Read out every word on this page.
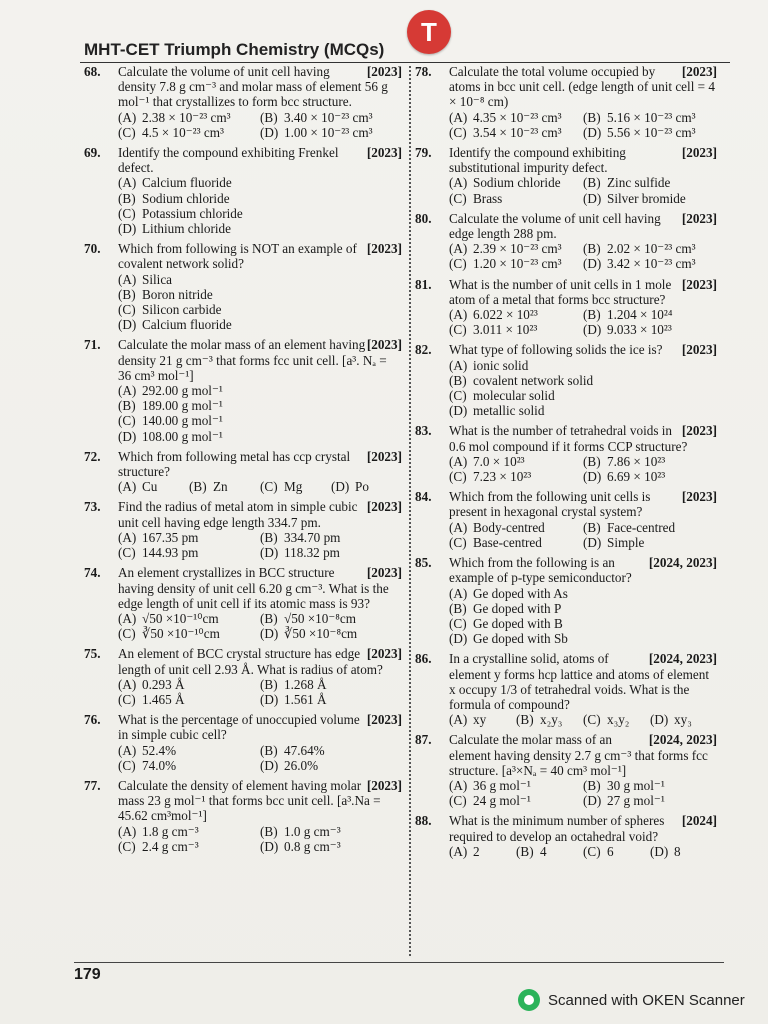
MHT-CET Triumph Chemistry (MCQs)
T
68.	[2023]
Calculate the volume of unit cell having density 7.8 g cm⁻³ and molar mass of element 56 g mol⁻¹ that crystallizes to form bcc structure.
(A) 2.38 × 10⁻²³ cm³ (B) 3.40 × 10⁻²³ cm³
(C) 4.5 × 10⁻²³ cm³	(D) 1.00 × 10⁻²³ cm³
69.	[2023]
Identify the compound exhibiting Frenkel defect.
(A) Calcium fluoride
(B) Sodium chloride
(C) Potassium chloride
(D) Lithium chloride
70.	[2023]
Which from following is NOT an example of covalent network solid?
(A) Silica
(B) Boron nitride
(C) Silicon carbide
(D) Calcium fluoride
71.	[2023]
Calculate the molar mass of an element having density 21 g cm⁻³ that forms fcc unit cell. [a³. Nₐ = 36 cm³ mol⁻¹]
(A) 292.00 g mol⁻¹
(B) 189.00 g mol⁻¹
(C) 140.00 g mol⁻¹
(D) 108.00 g mol⁻¹
72.	[2023]
Which from following metal has ccp crystal structure?
(A) Cu (B) Zn (C) Mg (D) Po
73.	[2023]
Find the radius of metal atom in simple cubic unit cell having edge length 334.7 pm.
(A) 167.35 pm	(B) 334.70 pm
(C) 144.93 pm	(D) 118.32 pm
74.	[2023]
An element crystallizes in BCC structure having density of unit cell 6.20 g cm⁻³. What is the edge length of unit cell if its atomic mass is 93?
(A) √50 ×10⁻¹⁰cm	(B) √50 ×10⁻⁸cm
(C) ∛50 ×10⁻¹⁰cm	(D) ∛50 ×10⁻⁸cm
75.	[2023]
An element of BCC crystal structure has edge length of unit cell 2.93 Å. What is radius of atom?
(A) 0.293 Å	(B) 1.268 Å
(C) 1.465 Å	(D) 1.561 Å
76.	[2023]
What is the percentage of unoccupied volume in simple cubic cell?
(A) 52.4%	(B) 47.64%
(C) 74.0%	(D) 26.0%
77.	[2023]
Calculate the density of element having molar mass 23 g mol⁻¹ that forms bcc unit cell. [a³.Na = 45.62 cm³mol⁻¹]
(A) 1.8 g cm⁻³	(B) 1.0 g cm⁻³
(C) 2.4 g cm⁻³	(D) 0.8 g cm⁻³
78.	[2023]
Calculate the total volume occupied by atoms in bcc unit cell. (edge length of unit cell = 4 × 10⁻⁸ cm)
(A) 4.35 × 10⁻²³ cm³ (B) 5.16 × 10⁻²³ cm³
(C) 3.54 × 10⁻²³ cm³ (D) 5.56 × 10⁻²³ cm³
79.	[2023]
Identify the compound exhibiting substitutional impurity defect.
(A) Sodium chloride (B) Zinc sulfide
(C) Brass	(D) Silver bromide
80.	[2023]
Calculate the volume of unit cell having edge length 288 pm.
(A) 2.39 × 10⁻²³ cm³ (B) 2.02 × 10⁻²³ cm³
(C) 1.20 × 10⁻²³ cm³ (D) 3.42 × 10⁻²³ cm³
81.	[2023]
What is the number of unit cells in 1 mole atom of a metal that forms bcc structure?
(A) 6.022 × 10²³	(B) 1.204 × 10²⁴
(C) 3.011 × 10²³	(D) 9.033 × 10²³
82.	[2023]
What type of following solids the ice is?
(A) ionic solid
(B) covalent network solid
(C) molecular solid
(D) metallic solid
83.	[2023]
What is the number of tetrahedral voids in 0.6 mol compound if it forms CCP structure?
(A) 7.0 × 10²³	(B) 7.86 × 10²³
(C) 7.23 × 10²³	(D) 6.69 × 10²³
84.	[2023]
Which from the following unit cells is present in hexagonal crystal system?
(A) Body-centred	(B) Face-centred
(C) Base-centred	(D) Simple
85.	[2024, 2023]
Which from the following is an example of p-type semiconductor?
(A) Ge doped with As
(B) Ge doped with P
(C) Ge doped with B
(D) Ge doped with Sb
86.	[2024, 2023]
In a crystalline solid, atoms of element y forms hcp lattice and atoms of element x occupy 1/3 of tetrahedral voids. What is the formula of compound?
(A) xy (B) x₂y₃ (C) x₃y₂ (D) xy₃
87.	[2024, 2023]
Calculate the molar mass of an element having density 2.7 g cm⁻³ that forms fcc structure. [a³×Nₐ = 40 cm³ mol⁻¹]
(A) 36 g mol⁻¹	(B) 30 g mol⁻¹
(C) 24 g mol⁻¹	(D) 27 g mol⁻¹
88.	[2024]
What is the minimum number of spheres required to develop an octahedral void?
(A) 2	(B) 4	(C) 6	(D) 8
179
Scanned with OKEN Scanner
